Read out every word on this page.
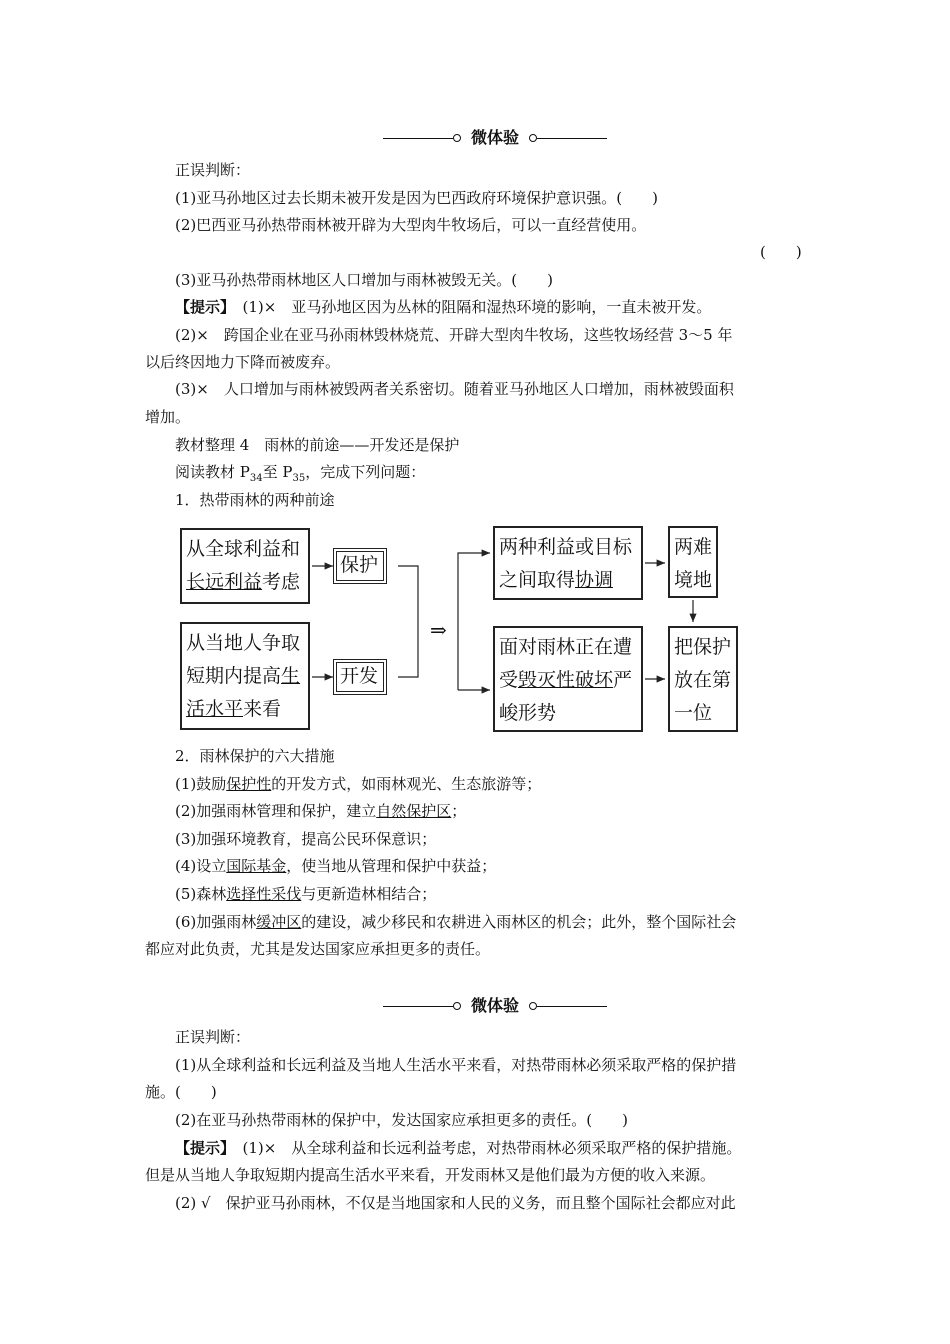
微体验
正误判断：
(1)亚马孙地区过去长期未被开发是因为巴西政府环境保护意识强。(　　)
(2)巴西亚马孙热带雨林被开辟为大型肉牛牧场后，可以一直经营使用。
(　　)
(3)亚马孙热带雨林地区人口增加与雨林被毁无关。(　　)
【提示】　(1)×　亚马孙地区因为丛林的阻隔和湿热环境的影响，一直未被开发。
(2)×　跨国企业在亚马孙雨林毁林烧荒、开辟大型肉牛牧场，这些牧场经营 3～5 年
以后终因地力下降而被废弃。
(3)×　人口增加与雨林被毁两者关系密切。随着亚马孙地区人口增加，雨林被毁面积
增加。
教材整理 4　雨林的前途——开发还是保护
阅读教材 $P_{34}$至 $P_{35}$，完成下列问题：
1．热带雨林的两种前途
从全球利益和
长远利益考虑
保护
从当地人争取
短期内提高生
活水平来看
开发
⇒
两种利益或目标
之间取得协调
面对雨林正在遭
受毁灭性破坏严
峻形势
两难
境地
把保护
放在第
一位
2．雨林保护的六大措施
(1)鼓励保护性的开发方式，如雨林观光、生态旅游等；
(2)加强雨林管理和保护，建立自然保护区；
(3)加强环境教育，提高公民环保意识；
(4)设立国际基金，使当地从管理和保护中获益；
(5)森林选择性采伐与更新造林相结合；
(6)加强雨林缓冲区的建设，减少移民和农耕进入雨林区的机会；此外，整个国际社会
都应对此负责，尤其是发达国家应承担更多的责任。
微体验
正误判断：
(1)从全球利益和长远利益及当地人生活水平来看，对热带雨林必须采取严格的保护措
施。(　　)
(2)在亚马孙热带雨林的保护中，发达国家应承担更多的责任。(　　)
【提示】　(1)×　从全球利益和长远利益考虑，对热带雨林必须采取严格的保护措施。
但是从当地人争取短期内提高生活水平来看，开发雨林又是他们最为方便的收入来源。
(2) √　保护亚马孙雨林，不仅是当地国家和人民的义务，而且整个国际社会都应对此
